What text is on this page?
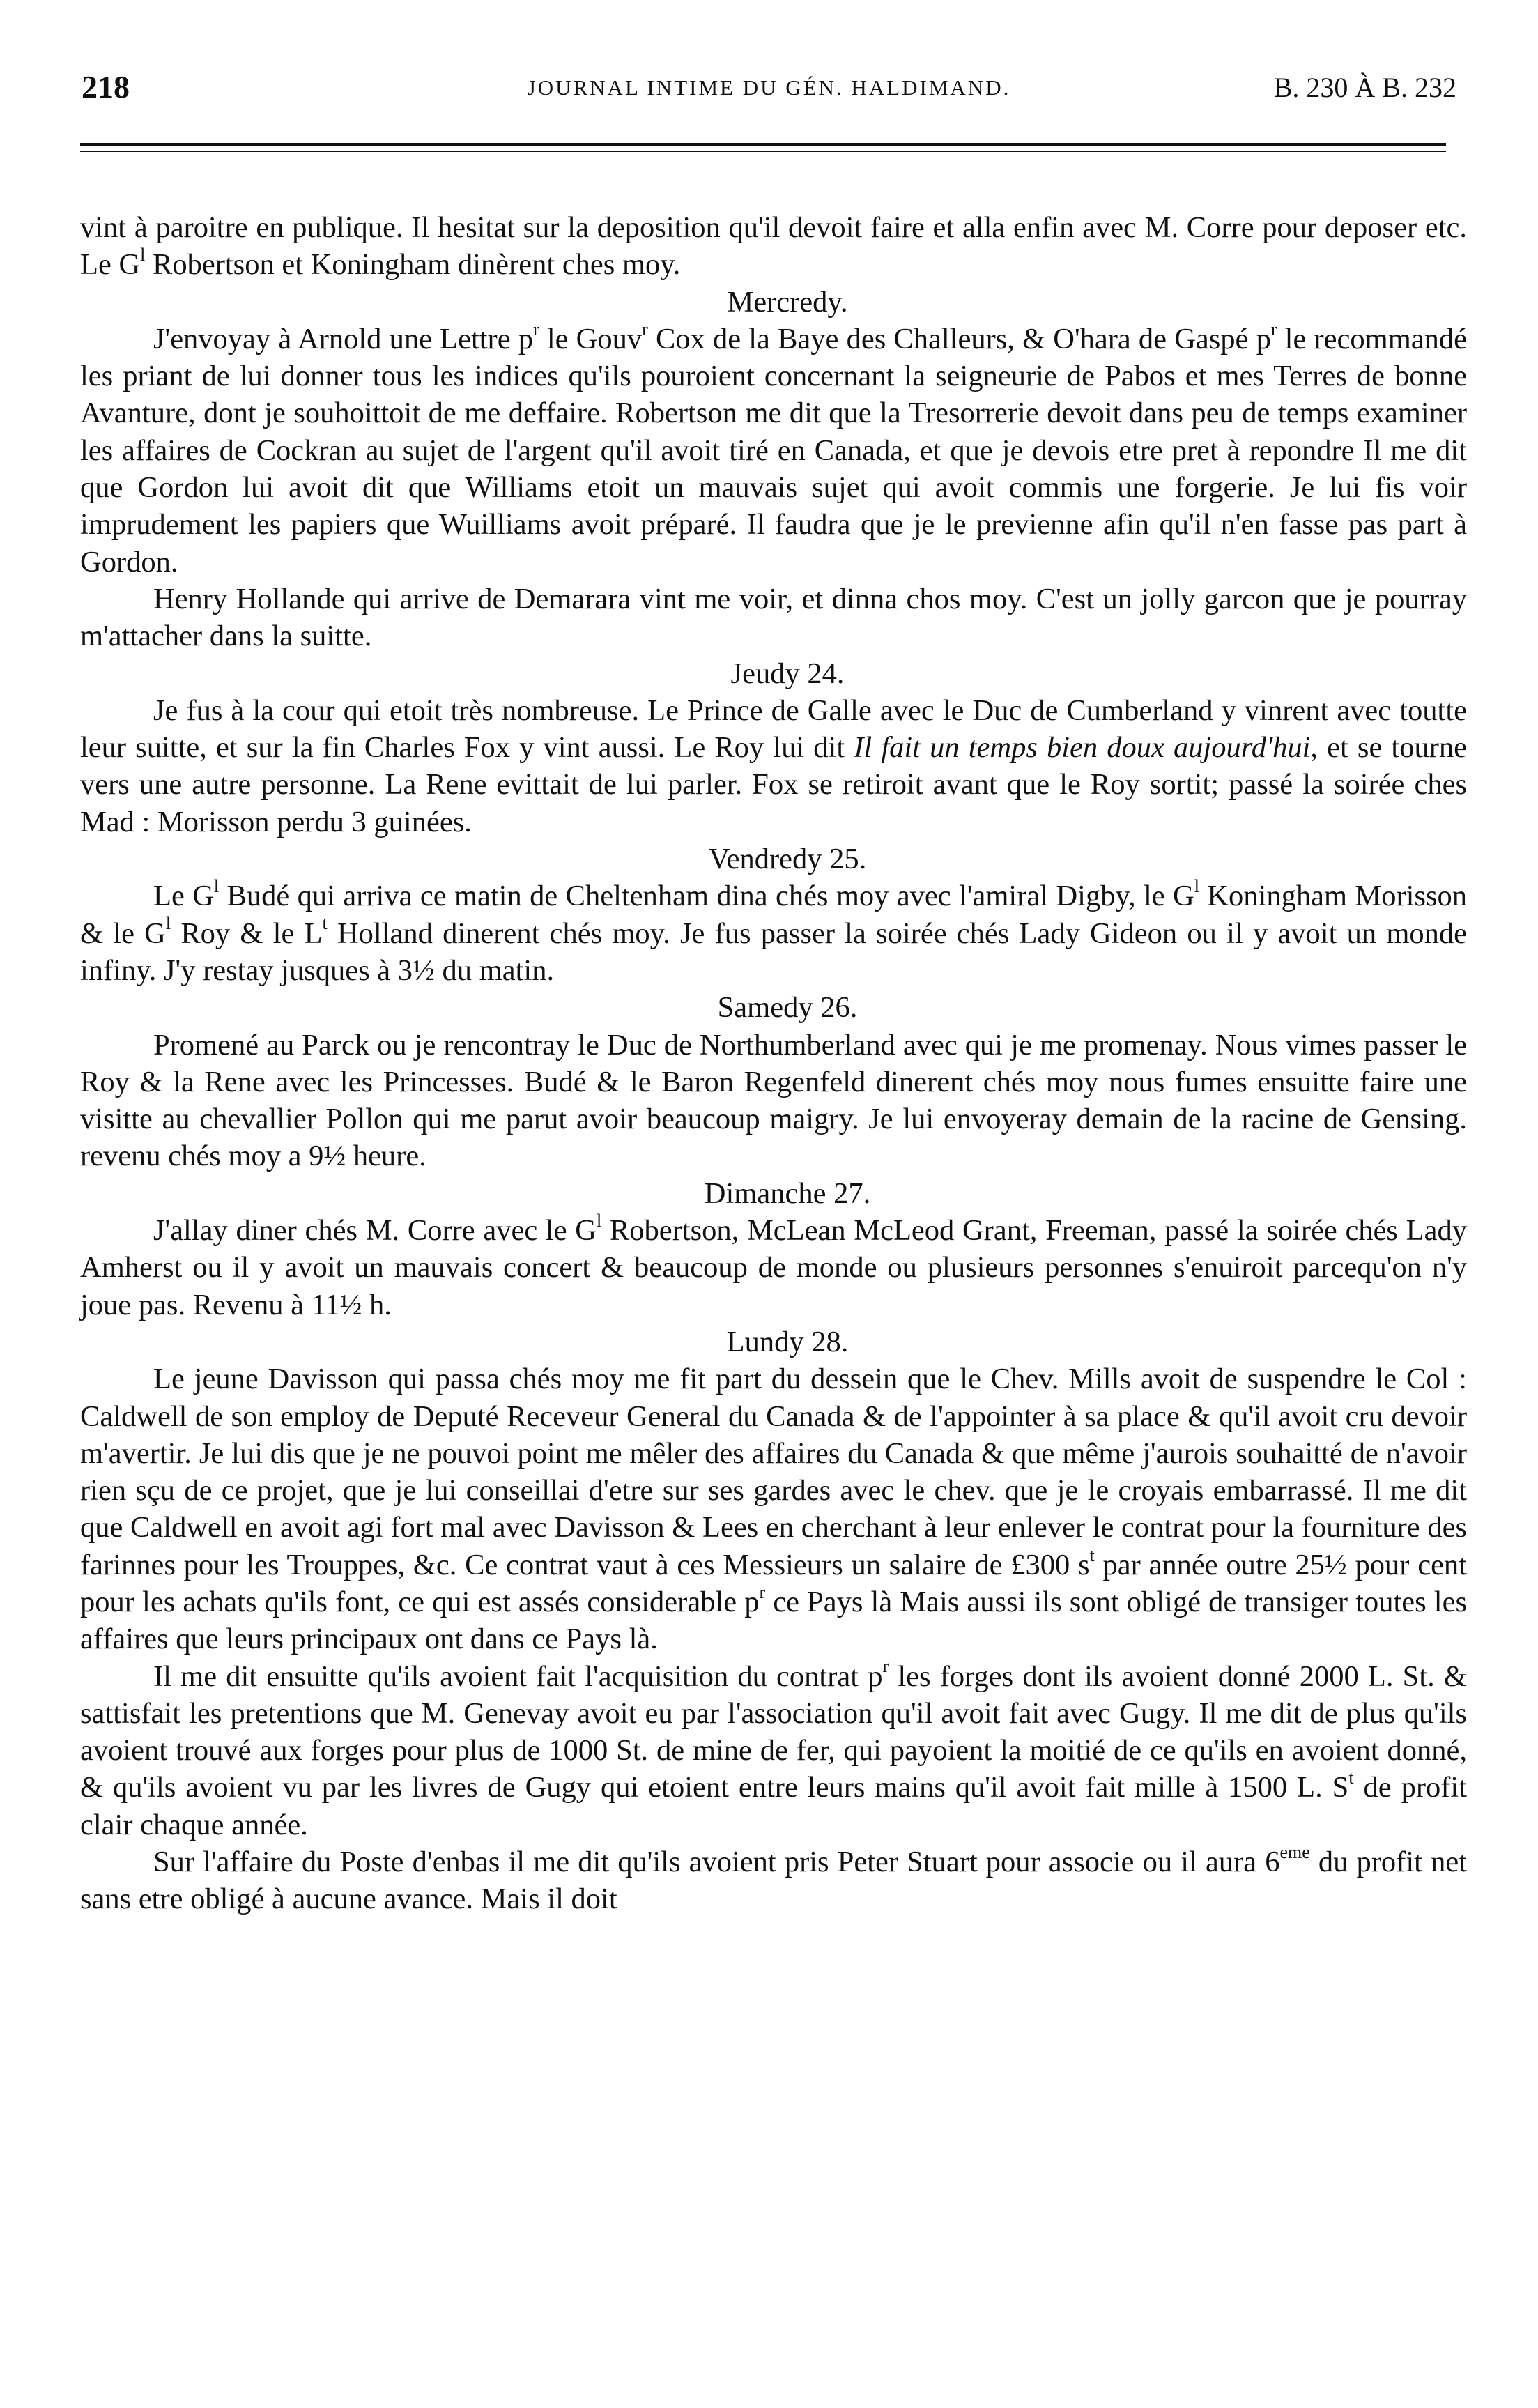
218	JOURNAL INTIME DU GÉN. HALDIMAND.	B. 230 À B. 232

vint à paroitre en publique. Il hesitat sur la deposition qu'il devoit faire et alla enfin avec M. Corre pour deposer etc. Le $G^l$ Robertson et Koningham dinèrent ches moy.

Mercredy.

J'envoyay à Arnold une Lettre $p^r$ le Gouv$^r$ Cox de la Baye des Challeurs, & O'hara de Gaspé $p^r$ le recommandé les priant de lui donner tous les indices qu'ils pouroient concernant la seigneurie de Pabos et mes Terres de bonne Avanture, dont je souhoittoit de me deffaire. Robertson me dit que la Tresorrerie devoit dans peu de temps examiner les affaires de Cockran au sujet de l'argent qu'il avoit tiré en Canada, et que je devois etre pret à repondre Il me dit que Gordon lui avoit dit que Williams etoit un mauvais sujet qui avoit commis une forgerie. Je lui fis voir imprudement les papiers que Wuilliams avoit préparé. Il faudra que je le previenne afin qu'il n'en fasse pas part à Gordon.

Henry Hollande qui arrive de Demarara vint me voir, et dinna chos moy. C'est un jolly garcon que je pourray m'attacher dans la suitte.

Jeudy 24.

Je fus à la cour qui etoit très nombreuse. Le Prince de Galle avec le Duc de Cumberland y vinrent avec toutte leur suitte, et sur la fin Charles Fox y vint aussi. Le Roy lui dit Il fait un temps bien doux aujourd'hui, et se tourne vers une autre personne. La Rene evittait de lui parler. Fox se retiroit avant que le Roy sortit; passé la soirée ches Mad : Morisson perdu 3 guinées.

Vendredy 25.

Le $G^l$ Budé qui arriva ce matin de Cheltenham dina chés moy avec l'amiral Digby, le $G^l$ Koningham Morisson & le $G^l$ Roy & le $L^t$ Holland dinerent chés moy. Je fus passer la soirée chés Lady Gideon ou il y avoit un monde infiny. J'y restay jusques à 3½ du matin.

Samedy 26.

Promené au Parck ou je rencontray le Duc de Northumberland avec qui je me promenay. Nous vimes passer le Roy & la Rene avec les Princesses. Budé & le Baron Regenfeld dinerent chés moy nous fumes ensuitte faire une visitte au chevallier Pollon qui me parut avoir beaucoup maigry. Je lui envoyeray demain de la racine de Gensing. revenu chés moy a 9½ heure.

Dimanche 27.

J'allay diner chés M. Corre avec le $G^l$ Robertson, McLean McLeod Grant, Freeman, passé la soirée chés Lady Amherst ou il y avoit un mauvais concert & beaucoup de monde ou plusieurs personnes s'enuiroit parcequ'on n'y joue pas. Revenu à 11½ h.

Lundy 28.

Le jeune Davisson qui passa chés moy me fit part du dessein que le Chev. Mills avoit de suspendre le Col : Caldwell de son employ de Deputé Receveur General du Canada & de l'appointer à sa place & qu'il avoit cru devoir m'avertir. Je lui dis que je ne pouvoi point me mêler des affaires du Canada & que même j'aurois souhaitté de n'avoir rien sçu de ce projet, que je lui conseillai d'etre sur ses gardes avec le chev. que je le croyais embarrassé. Il me dit que Caldwell en avoit agi fort mal avec Davisson & Lees en cherchant à leur enlever le contrat pour la fourniture des farinnes pour les Trouppes, &c. Ce contrat vaut à ces Messieurs un salaire de £300 $s^t$ par année outre 25½ pour cent pour les achats qu'ils font, ce qui est assés considerable $p^r$ ce Pays là Mais aussi ils sont obligé de transiger toutes les affaires que leurs principaux ont dans ce Pays là.

Il me dit ensuitte qu'ils avoient fait l'acquisition du contrat $p^r$ les forges dont ils avoient donné 2000 L. St. & sattisfait les pretentions que M. Genevay avoit eu par l'association qu'il avoit fait avec Gugy. Il me dit de plus qu'ils avoient trouvé aux forges pour plus de 1000 St. de mine de fer, qui payoient la moitié de ce qu'ils en avoient donné, & qu'ils avoient vu par les livres de Gugy qui etoient entre leurs mains qu'il avoit fait mille à 1500 L. $S^t$ de profit clair chaque année.

Sur l'affaire du Poste d'enbas il me dit qu'ils avoient pris Peter Stuart pour associe ou il aura 6eme du profit net sans etre obligé à aucune avance. Mais il doit
